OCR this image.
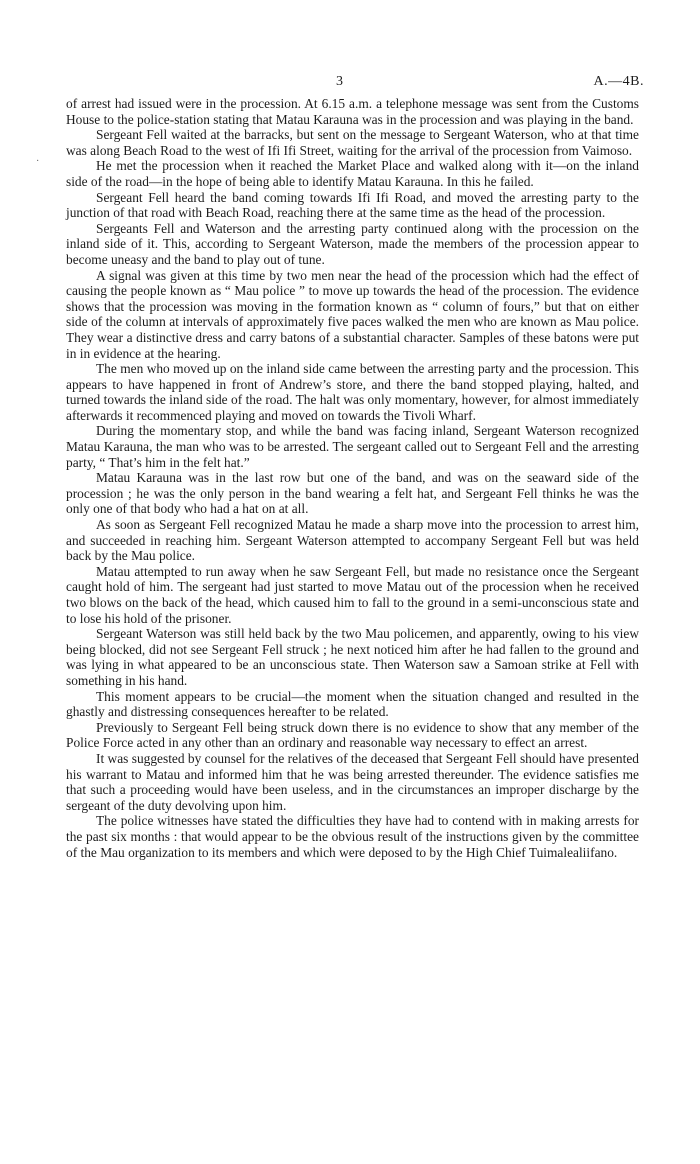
3	A.—4B.
·

of arrest had issued were in the procession. At 6.15 a.m. a telephone message was sent from the Customs House to the police-station stating that Matau Karauna was in the procession and was playing in the band.

Sergeant Fell waited at the barracks, but sent on the message to Sergeant Waterson, who at that time was along Beach Road to the west of Ifi Ifi Street, waiting for the arrival of the procession from Vaimoso.

He met the procession when it reached the Market Place and walked along with it—on the inland side of the road—in the hope of being able to identify Matau Karauna. In this he failed.

Sergeant Fell heard the band coming towards Ifi Ifi Road, and moved the arresting party to the junction of that road with Beach Road, reaching there at the same time as the head of the procession.

Sergeants Fell and Waterson and the arresting party continued along with the procession on the inland side of it. This, according to Sergeant Waterson, made the members of the procession appear to become uneasy and the band to play out of tune.

A signal was given at this time by two men near the head of the procession which had the effect of causing the people known as “ Mau police ” to move up towards the head of the procession. The evidence shows that the procession was moving in the formation known as “ column of fours,” but that on either side of the column at intervals of approximately five paces walked the men who are known as Mau police. They wear a distinctive dress and carry batons of a substantial character. Samples of these batons were put in in evidence at the hearing.

The men who moved up on the inland side came between the arresting party and the procession. This appears to have happened in front of Andrew’s store, and there the band stopped playing, halted, and turned towards the inland side of the road. The halt was only momentary, however, for almost immediately afterwards it recommenced playing and moved on towards the Tivoli Wharf.

During the momentary stop, and while the band was facing inland, Sergeant Waterson recognized Matau Karauna, the man who was to be arrested. The sergeant called out to Sergeant Fell and the arresting party, “ That’s him in the felt hat.”

Matau Karauna was in the last row but one of the band, and was on the seaward side of the procession ; he was the only person in the band wearing a felt hat, and Sergeant Fell thinks he was the only one of that body who had a hat on at all.

As soon as Sergeant Fell recognized Matau he made a sharp move into the procession to arrest him, and succeeded in reaching him. Sergeant Waterson attempted to accompany Sergeant Fell but was held back by the Mau police.

Matau attempted to run away when he saw Sergeant Fell, but made no resistance once the Sergeant caught hold of him. The sergeant had just started to move Matau out of the procession when he received two blows on the back of the head, which caused him to fall to the ground in a semi-unconscious state and to lose his hold of the prisoner.

Sergeant Waterson was still held back by the two Mau policemen, and apparently, owing to his view being blocked, did not see Sergeant Fell struck ; he next noticed him after he had fallen to the ground and was lying in what appeared to be an unconscious state. Then Waterson saw a Samoan strike at Fell with something in his hand.

This moment appears to be crucial—the moment when the situation changed and resulted in the ghastly and distressing consequences hereafter to be related.

Previously to Sergeant Fell being struck down there is no evidence to show that any member of the Police Force acted in any other than an ordinary and reasonable way necessary to effect an arrest.

It was suggested by counsel for the relatives of the deceased that Sergeant Fell should have presented his warrant to Matau and informed him that he was being arrested thereunder. The evidence satisfies me that such a proceeding would have been useless, and in the circumstances an improper discharge by the sergeant of the duty devolving upon him.

The police witnesses have stated the difficulties they have had to contend with in making arrests for the past six months : that would appear to be the obvious result of the instructions given by the committee of the Mau organization to its members and which were deposed to by the High Chief Tuimalealiifano.
